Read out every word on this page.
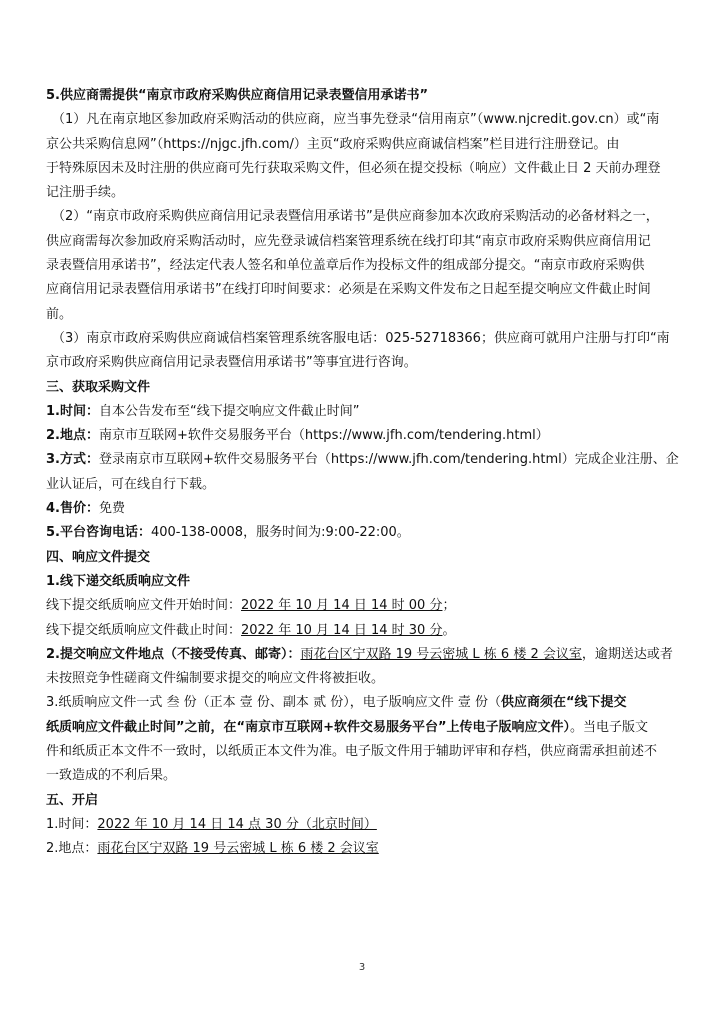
5.供应商需提供“南京市政府采购供应商信用记录表暨信用承诺书”
（1）凡在南京地区参加政府采购活动的供应商，应当事先登录“信用南京”（www.njcredit.gov.cn）或“南
京公共采购信息网”（https://njgc.jfh.com/）主页“政府采购供应商诚信档案”栏目进行注册登记。由
于特殊原因未及时注册的供应商可先行获取采购文件，但必须在提交投标（响应）文件截止日 2 天前办理登
记注册手续。
（2）“南京市政府采购供应商信用记录表暨信用承诺书”是供应商参加本次政府采购活动的必备材料之一，
供应商需每次参加政府采购活动时，应先登录诚信档案管理系统在线打印其“南京市政府采购供应商信用记
录表暨信用承诺书”，经法定代表人签名和单位盖章后作为投标文件的组成部分提交。“南京市政府采购供
应商信用记录表暨信用承诺书”在线打印时间要求：必须是在采购文件发布之日起至提交响应文件截止时间
前。
（3）南京市政府采购供应商诚信档案管理系统客服电话：025-52718366；供应商可就用户注册与打印“南
京市政府采购供应商信用记录表暨信用承诺书”等事宜进行咨询。
三、获取采购文件
1.时间：自本公告发布至“线下提交响应文件截止时间”
2.地点：南京市互联网+软件交易服务平台（https://www.jfh.com/tendering.html）
3.方式：登录南京市互联网+软件交易服务平台（https://www.jfh.com/tendering.html）完成企业注册、企
业认证后，可在线自行下载。
4.售价：免费
5.平台咨询电话：400-138-0008，服务时间为:9:00-22:00。
四、响应文件提交
1.线下递交纸质响应文件
线下提交纸质响应文件开始时间：2022 年 10 月 14 日 14 时 00 分；
线下提交纸质响应文件截止时间：2022 年 10 月 14 日 14 时 30 分。
2.提交响应文件地点（不接受传真、邮寄）：雨花台区宁双路 19 号云密城 L 栋 6 楼 2 会议室，逾期送达或者
未按照竞争性磋商文件编制要求提交的响应文件将被拒收。
3.纸质响应文件一式 叁 份（正本 壹 份、副本 贰 份），电子版响应文件 壹 份（供应商须在“线下提交
纸质响应文件截止时间”之前，在“南京市互联网+软件交易服务平台”上传电子版响应文件）。当电子版文
件和纸质正本文件不一致时，以纸质正本文件为准。电子版文件用于辅助评审和存档，供应商需承担前述不
一致造成的不利后果。
五、开启
1.时间：2022 年 10 月 14 日 14 点 30 分（北京时间）
2.地点：雨花台区宁双路 19 号云密城 L 栋 6 楼 2 会议室
3
